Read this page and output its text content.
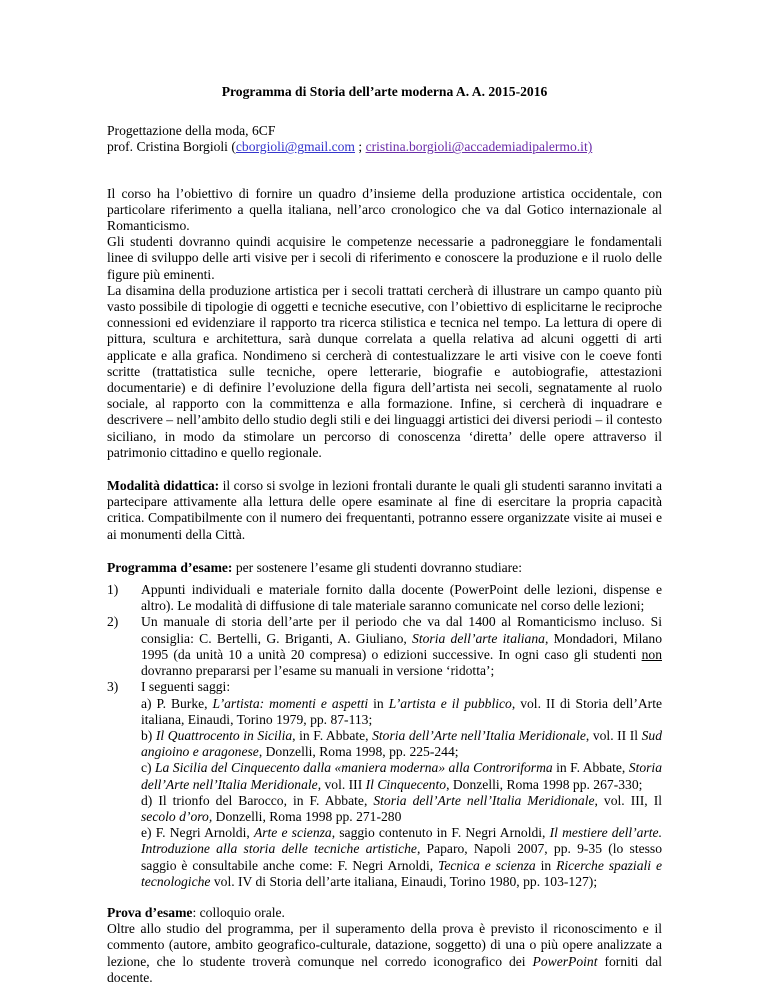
Programma di Storia dell’arte moderna A. A. 2015-2016

Progettazione della moda, 6CF

prof. Cristina Borgioli (cborgioli@gmail.com ; cristina.borgioli@accademiadipalermo.it)

Il corso ha l’obiettivo di fornire un quadro d’insieme della produzione artistica occidentale, con particolare riferimento a quella italiana, nell’arco cronologico che va dal Gotico internazionale al Romanticismo.

Gli studenti dovranno quindi acquisire le competenze necessarie a padroneggiare le fondamentali linee di sviluppo delle arti visive per i secoli di riferimento e conoscere la produzione e il ruolo delle figure più eminenti.

La disamina della produzione artistica per i secoli trattati cercherà di illustrare un campo quanto più vasto possibile di tipologie di oggetti e tecniche esecutive, con l’obiettivo di esplicitarne le reciproche connessioni ed evidenziare il rapporto tra ricerca stilistica e tecnica nel tempo. La lettura di opere di pittura, scultura e architettura, sarà dunque correlata a quella relativa ad alcuni oggetti di arti applicate e alla grafica. Nondimeno si cercherà di contestualizzare le arti visive con le coeve fonti scritte (trattatistica sulle tecniche, opere letterarie, biografie e autobiografie, attestazioni documentarie) e di definire l’evoluzione della figura dell’artista nei secoli, segnatamente al ruolo sociale, al rapporto con la committenza e alla formazione. Infine, si cercherà di inquadrare e descrivere – nell’ambito dello studio degli stili e dei linguaggi artistici dei diversi periodi – il contesto siciliano, in modo da stimolare un percorso di conoscenza ‘diretta’ delle opere attraverso il patrimonio cittadino e quello regionale.

Modalità didattica: il corso si svolge in lezioni frontali durante le quali gli studenti saranno invitati a partecipare attivamente alla lettura delle opere esaminate al fine di esercitare la propria capacità critica. Compatibilmente con il numero dei frequentanti, potranno essere organizzate visite ai musei e ai monumenti della Città.

Programma d’esame: per sostenere l’esame gli studenti dovranno studiare:

1) Appunti individuali e materiale fornito dalla docente (PowerPoint delle lezioni, dispense e altro). Le modalità di diffusione di tale materiale saranno comunicate nel corso delle lezioni;
2) Un manuale di storia dell’arte per il periodo che va dal 1400 al Romanticismo incluso. Si consiglia: C. Bertelli, G. Briganti, A. Giuliano, Storia dell’arte italiana, Mondadori, Milano 1995 (da unità 10 a unità 20 compresa) o edizioni successive. In ogni caso gli studenti non dovranno prepararsi per l’esame su manuali in versione ‘ridotta’;
3) I seguenti saggi:
a) P. Burke, L’artista: momenti e aspetti in L’artista e il pubblico, vol. II di Storia dell’Arte italiana, Einaudi, Torino 1979, pp. 87-113;
b) Il Quattrocento in Sicilia, in F. Abbate, Storia dell’Arte nell’Italia Meridionale, vol. II Il Sud angioino e aragonese, Donzelli, Roma 1998, pp. 225-244;
c) La Sicilia del Cinquecento dalla «maniera moderna» alla Controriforma in F. Abbate, Storia dell’Arte nell’Italia Meridionale, vol. III Il Cinquecento, Donzelli, Roma 1998 pp. 267-330;
d) Il trionfo del Barocco, in F. Abbate, Storia dell’Arte nell’Italia Meridionale, vol. III, Il secolo d’oro, Donzelli, Roma 1998 pp. 271-280
e) F. Negri Arnoldi, Arte e scienza, saggio contenuto in F. Negri Arnoldi, Il mestiere dell’arte. Introduzione alla storia delle tecniche artistiche, Paparo, Napoli 2007, pp. 9-35 (lo stesso saggio è consultabile anche come: F. Negri Arnoldi, Tecnica e scienza in Ricerche spaziali e tecnologiche vol. IV di Storia dell’arte italiana, Einaudi, Torino 1980, pp. 103-127);

Prova d’esame: colloquio orale.

Oltre allo studio del programma, per il superamento della prova è previsto il riconoscimento e il commento (autore, ambito geografico-culturale, datazione, soggetto) di una o più opere analizzate a lezione, che lo studente troverà comunque nel corredo iconografico dei PowerPoint forniti dal docente.
